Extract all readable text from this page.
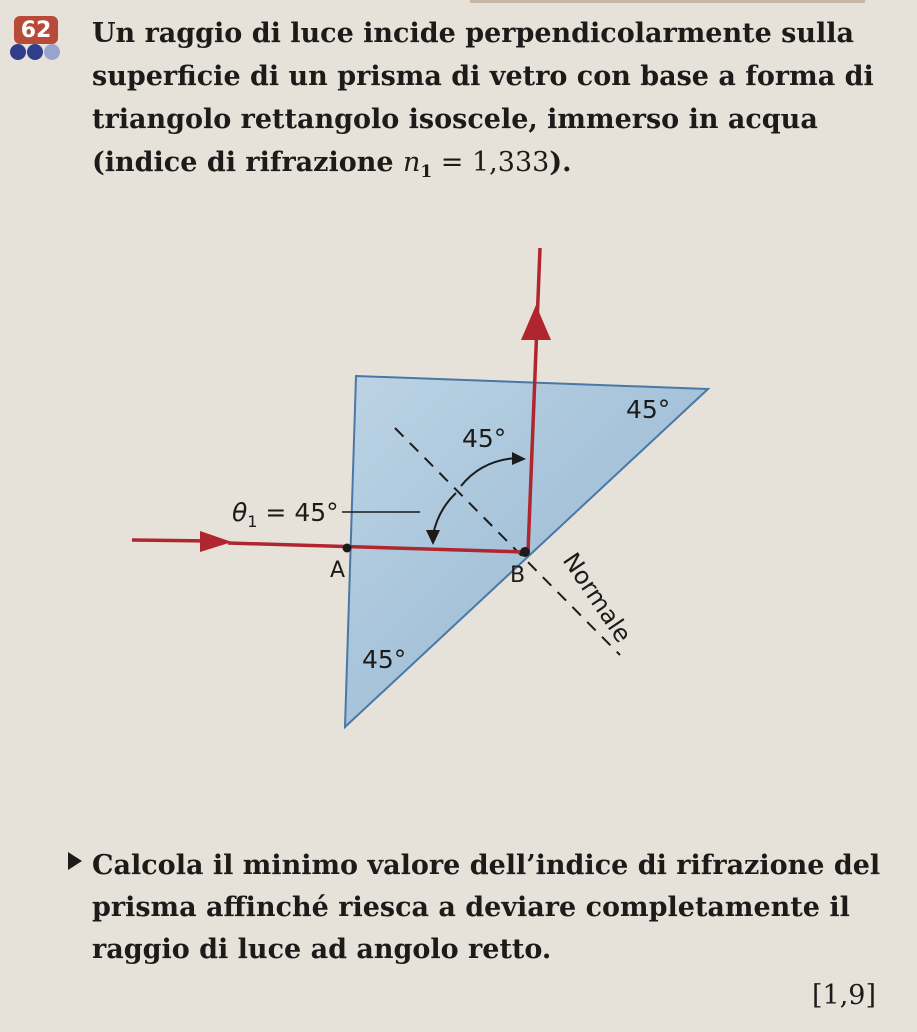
62 Un raggio di luce incide perpendicolarmente sulla superficie di un prisma di vetro con base a forma di triangolo rettangolo isoscele, immerso in acqua (indice di rifrazione $n_1 = 1,333$).
45°
45°
45°
$\theta_1 = 45^\circ$
A	B Normale
Calcola il minimo valore dell’indice di rifrazione del prisma affinché riesca a deviare completamente il raggio di luce ad angolo retto.
[1,9]
